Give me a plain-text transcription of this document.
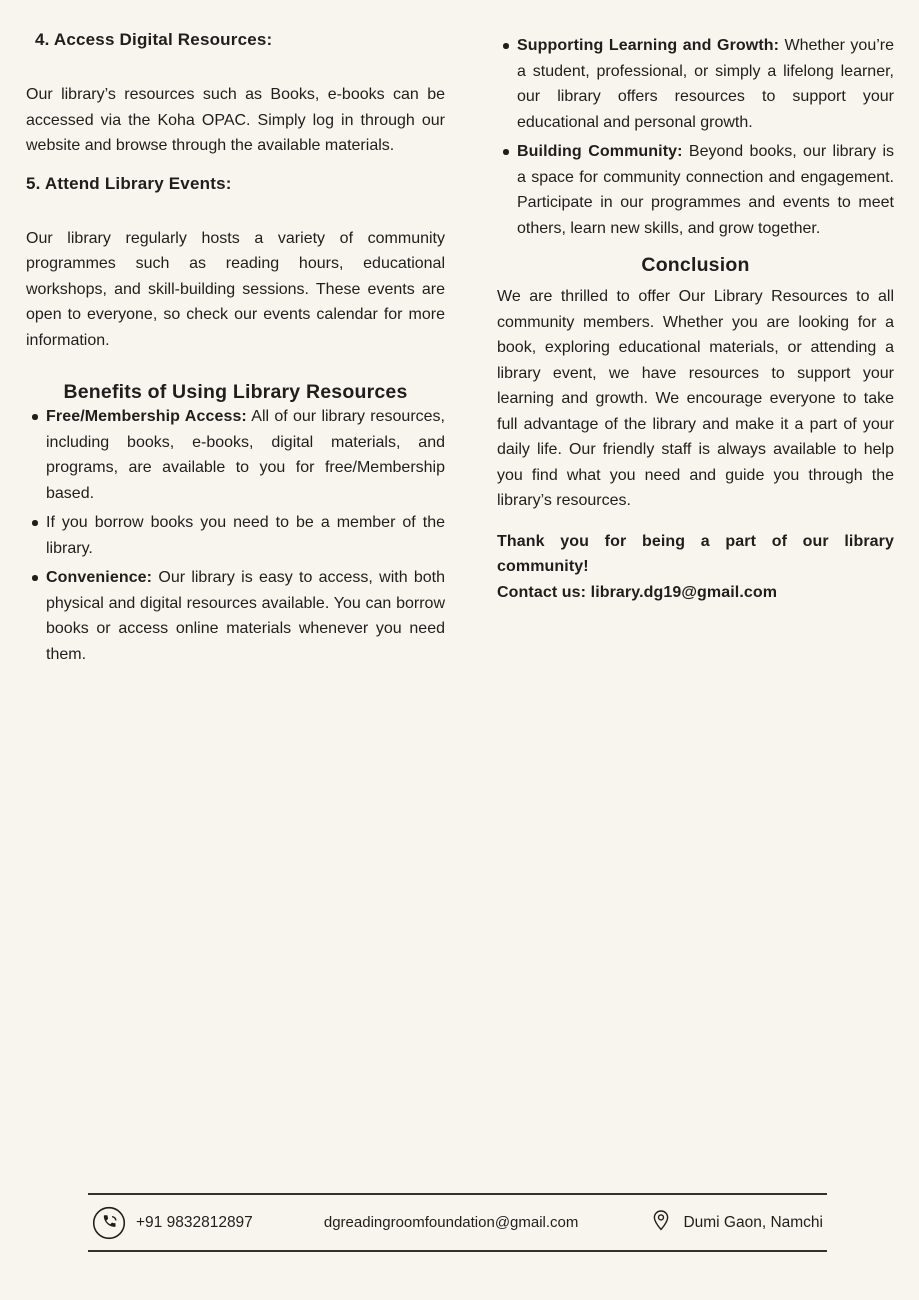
4. Access Digital Resources:

Our library’s resources such as Books, e-books can be accessed via the Koha OPAC. Simply log in through our website and browse through the available materials.

5. Attend Library Events:

Our library regularly hosts a variety of community programmes such as reading hours, educational workshops, and skill-building sessions. These events are open to everyone, so check our events calendar for more information.

Benefits of Using Library Resources
Free/Membership Access: All of our library resources, including books, e-books, digital materials, and programs, are available to you for free/Membership based.
If you borrow books you need to be a member of the library.
Convenience: Our library is easy to access, with both physical and digital resources available. You can borrow books or access online materials whenever you need them.
Supporting Learning and Growth: Whether you’re a student, professional, or simply a lifelong learner, our library offers resources to support your educational and personal growth.
Building Community: Beyond books, our library is a space for community connection and engagement. Participate in our programmes and events to meet others, learn new skills, and grow together.
Conclusion

We are thrilled to offer Our Library Resources to all community members. Whether you are looking for a book, exploring educational materials, or attending a library event, we have resources to support your learning and growth. We encourage everyone to take full advantage of the library and make it a part of your daily life. Our friendly staff is always available to help you find what you need and guide you through the library’s resources.

Thank you for being a part of our library community!

Contact us: library.dg19@gmail.com

+91 9832812897	dgreadingroomfoundation@gmail.com	Dumi Gaon, Namchi
